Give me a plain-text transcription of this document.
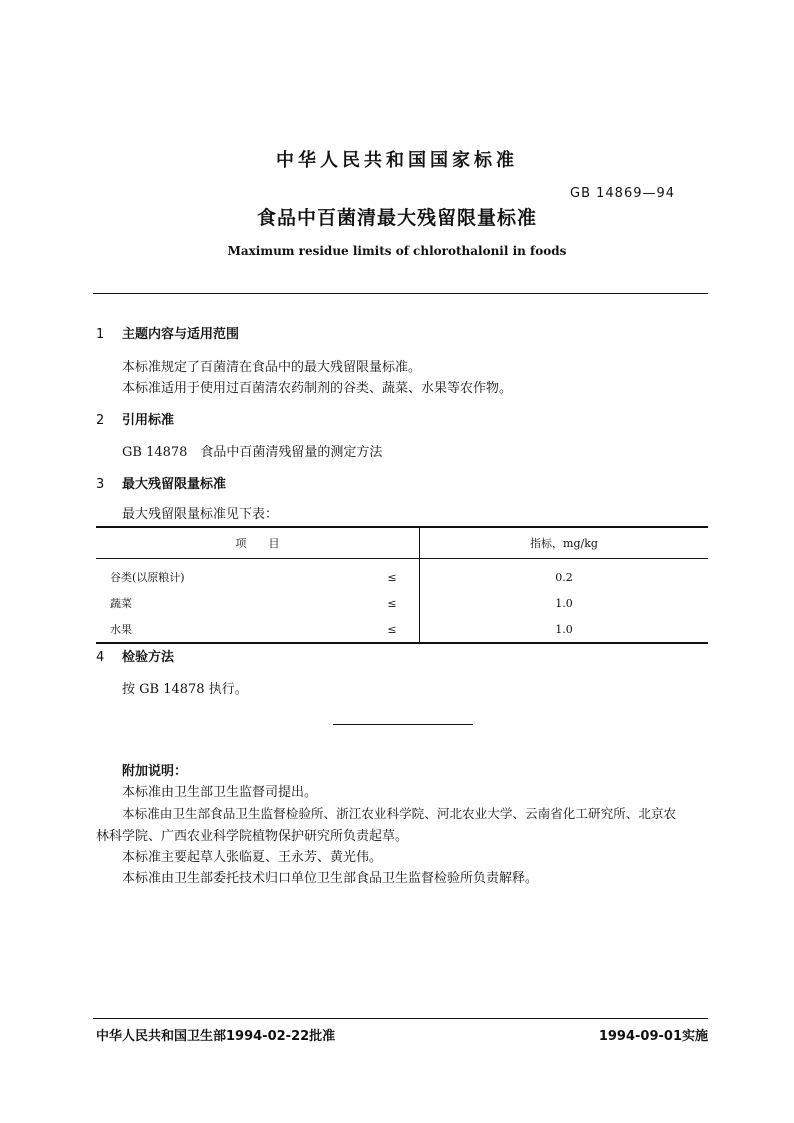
中华人民共和国国家标准
GB 14869—94
食品中百菌清最大残留限量标准
Maximum residue limits of chlorothalonil in foods
1 主题内容与适用范围
本标准规定了百菌清在食品中的最大残留限量标准。
本标准适用于使用过百菌清农药制剂的谷类、蔬菜、水果等农作物。
2 引用标准
GB 14878　食品中百菌清残留量的测定方法
3 最大残留限量标准
最大残留限量标准见下表：
项　　目		指标，mg/kg
谷类(以原粮计)	≤	0.2
蔬菜	≤	1.0
水果	≤	1.0
4 检验方法
按 GB 14878 执行。
附加说明：
本标准由卫生部卫生监督司提出。
本标准由卫生部食品卫生监督检验所、浙江农业科学院、河北农业大学、云南省化工研究所、北京农
林科学院、广西农业科学院植物保护研究所负责起草。
本标准主要起草人张临夏、王永芳、黄光伟。
本标准由卫生部委托技术归口单位卫生部食品卫生监督检验所负责解释。
中华人民共和国卫生部1994-02-22批准	1994-09-01实施
